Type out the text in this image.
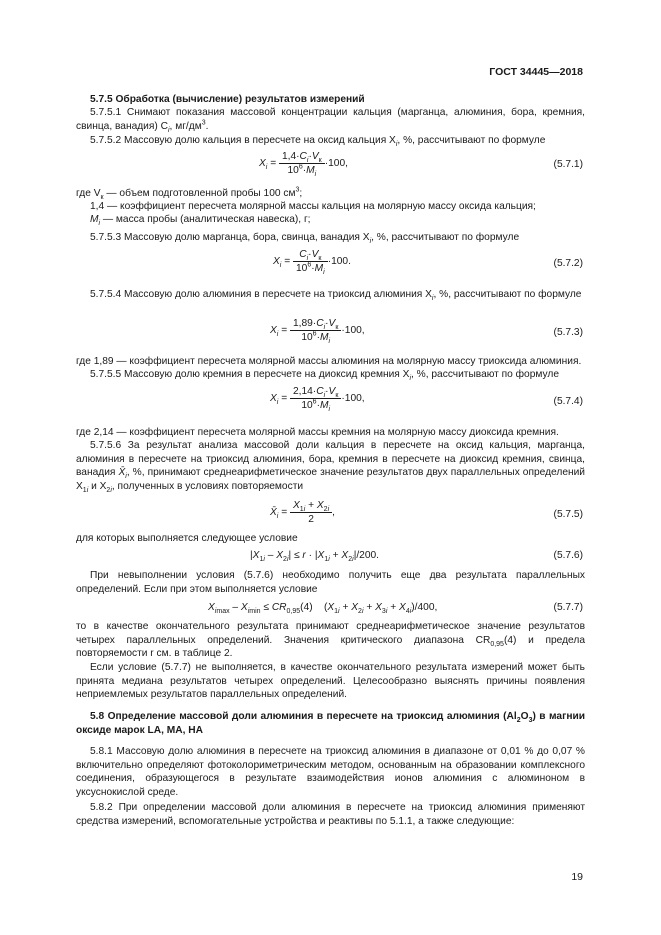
ГОСТ 34445—2018

5.7.5 Обработка (вычисление) результатов измерений

5.7.5.1 Снимают показания массовой концентрации кальция (марганца, алюминия, бора, кремния, свинца, ванадия) $C_i$, $мг/дм^3$.

5.7.5.2 Массовую долю кальция в пересчете на оксид кальция $X_i$, %, рассчитывают по формуле

$X_i = \frac{1,4\cdot C_i\cdot V_к}{10^6\cdot M_i} \cdot 100$,	(5.7.1)

где $V_к$ — объем подготовленной пробы 100 $см^3$;

1,4 — коэффициент пересчета молярной массы кальция на молярную массу оксида кальция;

$M_i$ — масса пробы (аналитическая навеска), г;

5.7.5.3 Массовую долю марганца, бора, свинца, ванадия $X_i$, %, рассчитывают по формуле

$X_i = \frac{C_i\cdot V_к}{10^6\cdot M_i} \cdot 100$.	(5.7.2)

5.7.5.4 Массовую долю алюминия в пересчете на триоксид алюминия $X_i$, %, рассчитывают по формуле

$X_i = \frac{1,89\cdot C_i\cdot V_к}{10^6\cdot M_i} \cdot 100$,	(5.7.3)

где 1,89 — коэффициент пересчета молярной массы алюминия на молярную массу триоксида алюминия.

5.7.5.5 Массовую долю кремния в пересчете на диоксид кремния $X_i$, %, рассчитывают по формуле

$X_i = \frac{2,14\cdot C_i\cdot V_к}{10^6\cdot M_i} \cdot 100$,	(5.7.4)

где 2,14 — коэффициент пересчета молярной массы кремния на молярную массу диоксида кремния.

5.7.5.6 За результат анализа массовой доли кальция в пересчете на оксид кальция, марганца, алюминия в пересчете на триоксид алюминия, бора, кремния в пересчете на диоксид кремния, свинца, ванадия $X̄_i$, %, принимают среднеарифметическое значение результатов двух параллельных определений $X_{1i}$ и $X_{2i}$, полученных в условиях повторяемости

$X̄_i = \frac{X_{1i} + X_{2i}}{2}$ ,	(5.7.5)

для которых выполняется следующее условие

$|X_{1i} - X_{2i}| \le r \cdot |X_{1i} + X_{2i}|/200$.	(5.7.6)

При невыполнении условия (5.7.6) необходимо получить еще два результата параллельных определений. Если при этом выполняется условие

$X_{imax} - X_{imin} \le CR_{0,95}(4)$    $(X_{1i} + X_{2i} + X_{3i} + X_{4i})/400$,	(5.7.7)

то в качестве окончательного результата принимают среднеарифметическое значение результатов четырех параллельных определений. Значения критического диапазона $CR_{0,95}(4)$ и предела повторяемости r см. в таблице 2.

Если условие (5.7.7) не выполняется, в качестве окончательного результата измерений может быть принята медиана результатов четырех определений. Целесообразно выяснять причины появления неприемлемых результатов параллельных определений.

5.8 Определение массовой доли алюминия в пересчете на триоксид алюминия $(Al_2O_3)$ в магнии оксиде марок LA, MA, HA

5.8.1 Массовую долю алюминия в пересчете на триоксид алюминия в диапазоне от 0,01 % до 0,07 % включительно определяют фотоколориметрическим методом, основанным на образовании комплексного соединения, образующегося в результате взаимодействия ионов алюминия с алюминоном в уксуснокислой среде.

5.8.2 При определении массовой доли алюминия в пересчете на триоксид алюминия применяют средства измерений, вспомогательные устройства и реактивы по 5.1.1, а также следующие:

19
